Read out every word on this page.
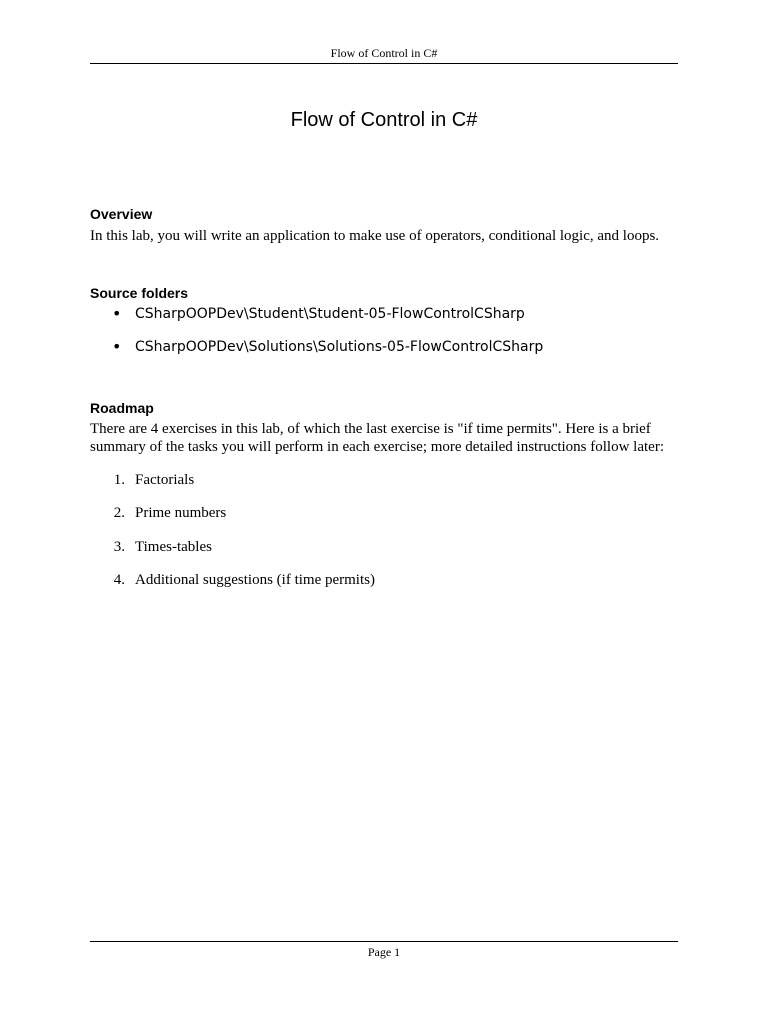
Flow of Control in C#
Flow of Control in C#
Overview

In this lab, you will write an application to make use of operators, conditional logic, and loops.

Source folders
• CSharpOOPDev\Student\Student-05-FlowControlCSharp
• CSharpOOPDev\Solutions\Solutions-05-FlowControlCSharp
Roadmap

There are 4 exercises in this lab, of which the last exercise is "if time permits". Here is a brief summary of the tasks you will perform in each exercise; more detailed instructions follow later:

1. Factorials
2. Prime numbers
3. Times-tables
4. Additional suggestions (if time permits)
Page 1
